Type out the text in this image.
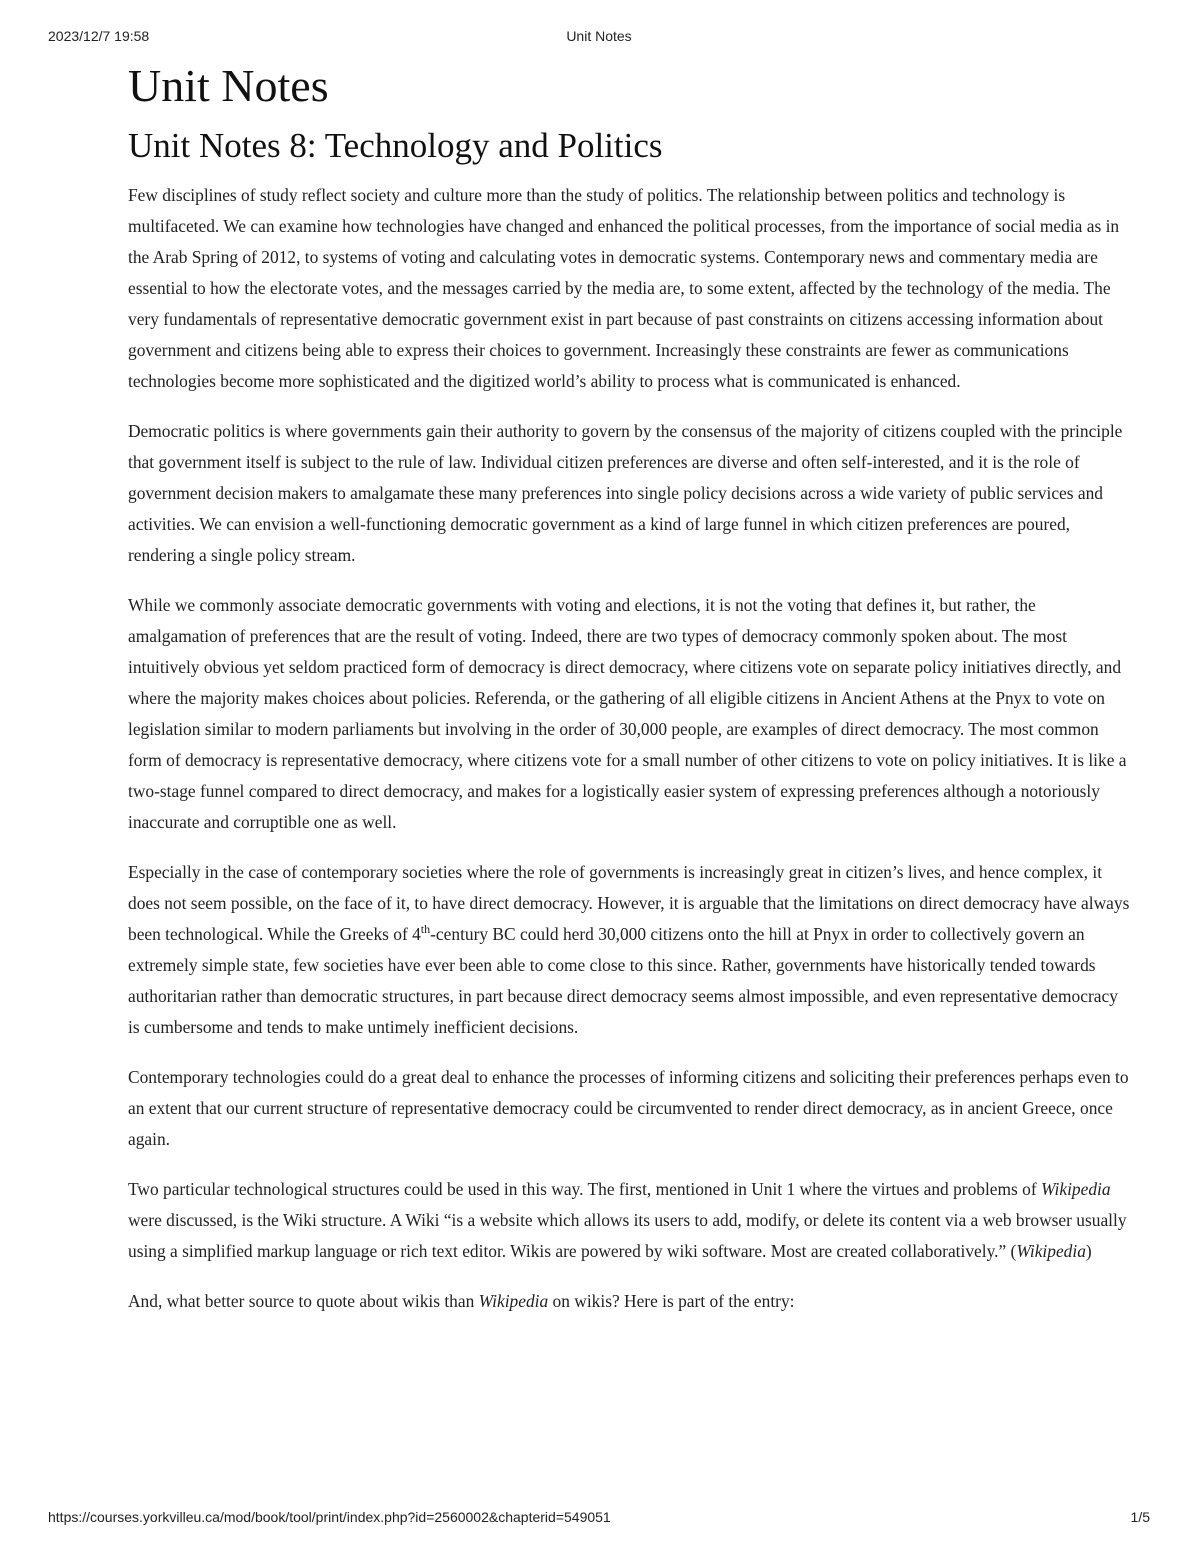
2023/12/7 19:58	Unit Notes
Unit Notes
Unit Notes 8: Technology and Politics

Few disciplines of study reflect society and culture more than the study of politics. The relationship between politics and technology is multifaceted. We can examine how technologies have changed and enhanced the political processes, from the importance of social media as in the Arab Spring of 2012, to systems of voting and calculating votes in democratic systems. Contemporary news and commentary media are essential to how the electorate votes, and the messages carried by the media are, to some extent, affected by the technology of the media. The very fundamentals of representative democratic government exist in part because of past constraints on citizens accessing information about government and citizens being able to express their choices to government. Increasingly these constraints are fewer as communications technologies become more sophisticated and the digitized world’s ability to process what is communicated is enhanced.

Democratic politics is where governments gain their authority to govern by the consensus of the majority of citizens coupled with the principle that government itself is subject to the rule of law. Individual citizen preferences are diverse and often self-interested, and it is the role of government decision makers to amalgamate these many preferences into single policy decisions across a wide variety of public services and activities. We can envision a well-functioning democratic government as a kind of large funnel in which citizen preferences are poured, rendering a single policy stream.

While we commonly associate democratic governments with voting and elections, it is not the voting that defines it, but rather, the amalgamation of preferences that are the result of voting. Indeed, there are two types of democracy commonly spoken about. The most intuitively obvious yet seldom practiced form of democracy is direct democracy, where citizens vote on separate policy initiatives directly, and where the majority makes choices about policies. Referenda, or the gathering of all eligible citizens in Ancient Athens at the Pnyx to vote on legislation similar to modern parliaments but involving in the order of 30,000 people, are examples of direct democracy. The most common form of democracy is representative democracy, where citizens vote for a small number of other citizens to vote on policy initiatives. It is like a two-stage funnel compared to direct democracy, and makes for a logistically easier system of expressing preferences although a notoriously inaccurate and corruptible one as well.

Especially in the case of contemporary societies where the role of governments is increasingly great in citizen’s lives, and hence complex, it does not seem possible, on the face of it, to have direct democracy. However, it is arguable that the limitations on direct democracy have always been technological. While the Greeks of 4th-century BC could herd 30,000 citizens onto the hill at Pnyx in order to collectively govern an extremely simple state, few societies have ever been able to come close to this since. Rather, governments have historically tended towards authoritarian rather than democratic structures, in part because direct democracy seems almost impossible, and even representative democracy is cumbersome and tends to make untimely inefficient decisions.

Contemporary technologies could do a great deal to enhance the processes of informing citizens and soliciting their preferences perhaps even to an extent that our current structure of representative democracy could be circumvented to render direct democracy, as in ancient Greece, once again.

Two particular technological structures could be used in this way. The first, mentioned in Unit 1 where the virtues and problems of Wikipedia were discussed, is the Wiki structure. A Wiki “is a website which allows its users to add, modify, or delete its content via a web browser usually using a simplified markup language or rich text editor. Wikis are powered by wiki software. Most are created collaboratively.” (Wikipedia)

And, what better source to quote about wikis than Wikipedia on wikis? Here is part of the entry:

https://courses.yorkvilleu.ca/mod/book/tool/print/index.php?id=2560002&chapterid=549051	1/5
